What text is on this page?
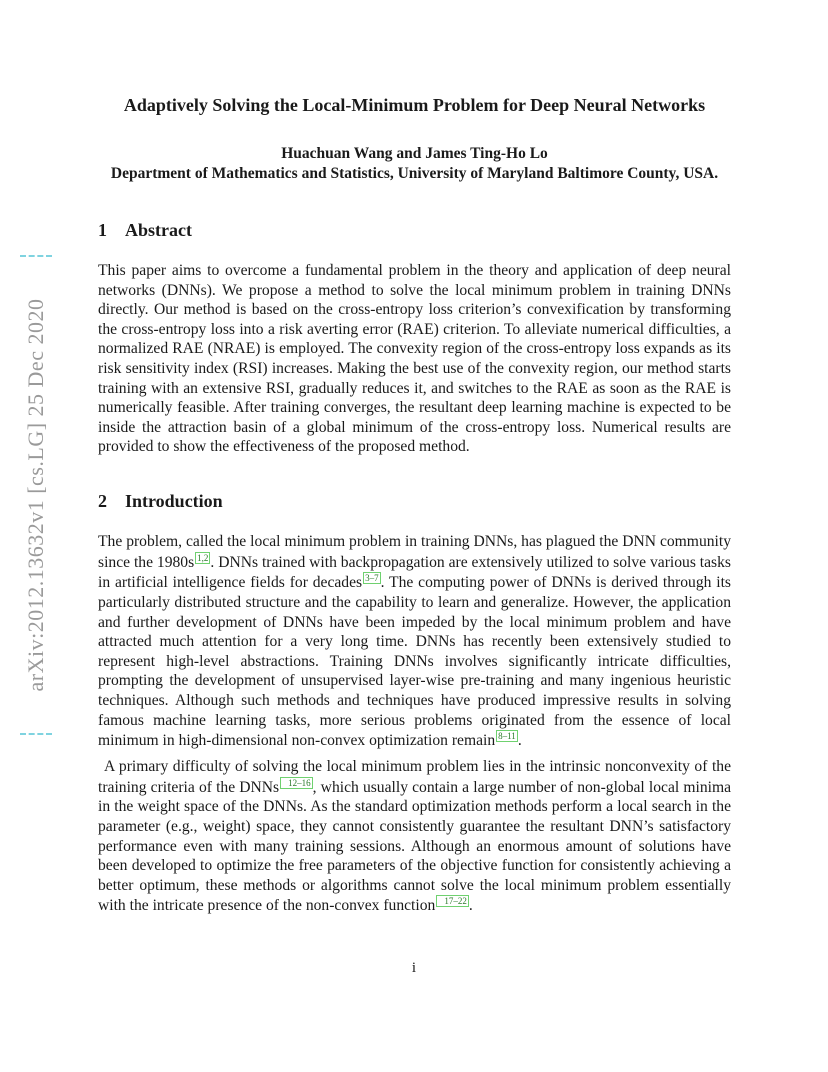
arXiv:2012.13632v1 [cs.LG] 25 Dec 2020
Adaptively Solving the Local-Minimum Problem for Deep Neural Networks
Huachuan Wang and James Ting-Ho Lo
Department of Mathematics and Statistics, University of Maryland Baltimore County, USA.
1 Abstract

This paper aims to overcome a fundamental problem in the theory and application of deep neural networks (DNNs). We propose a method to solve the local minimum problem in training DNNs directly. Our method is based on the cross-entropy loss criterion’s convexification by transforming the cross-entropy loss into a risk averting error (RAE) criterion. To alleviate numerical difficulties, a normalized RAE (NRAE) is employed. The convexity region of the cross-entropy loss expands as its risk sensitivity index (RSI) increases. Making the best use of the convexity region, our method starts training with an extensive RSI, gradually reduces it, and switches to the RAE as soon as the RAE is numerically feasible. After training converges, the resultant deep learning machine is expected to be inside the attraction basin of a global minimum of the cross-entropy loss. Numerical results are provided to show the effectiveness of the proposed method.

2 Introduction

The problem, called the local minimum problem in training DNNs, has plagued the DNN community since the 1980s 1,2 . DNNs trained with backpropagation are extensively utilized to solve various tasks in artificial intelligence fields for decades 3–7 . The computing power of DNNs is derived through its particularly distributed structure and the capability to learn and generalize. However, the application and further development of DNNs have been impeded by the local minimum problem and have attracted much attention for a very long time. DNNs has recently been extensively studied to represent high-level abstractions. Training DNNs involves significantly intricate difficulties, prompting the development of unsupervised layer-wise pre-training and many ingenious heuristic techniques. Although such methods and techniques have produced impressive results in solving famous machine learning tasks, more serious problems originated from the essence of local minimum in high-dimensional non-convex optimization remain 8–11 .

A primary difficulty of solving the local minimum problem lies in the intrinsic nonconvexity of the training criteria of the DNNs 12–16 , which usually contain a large number of non-global local minima in the weight space of the DNNs. As the standard optimization methods perform a local search in the parameter (e.g., weight) space, they cannot consistently guarantee the resultant DNN’s satisfactory performance even with many training sessions. Although an enormous amount of solutions have been developed to optimize the free parameters of the objective function for consistently achieving a better optimum, these methods or algorithms cannot solve the local minimum problem essentially with the intricate presence of the non-convex function 17–22 .

i
